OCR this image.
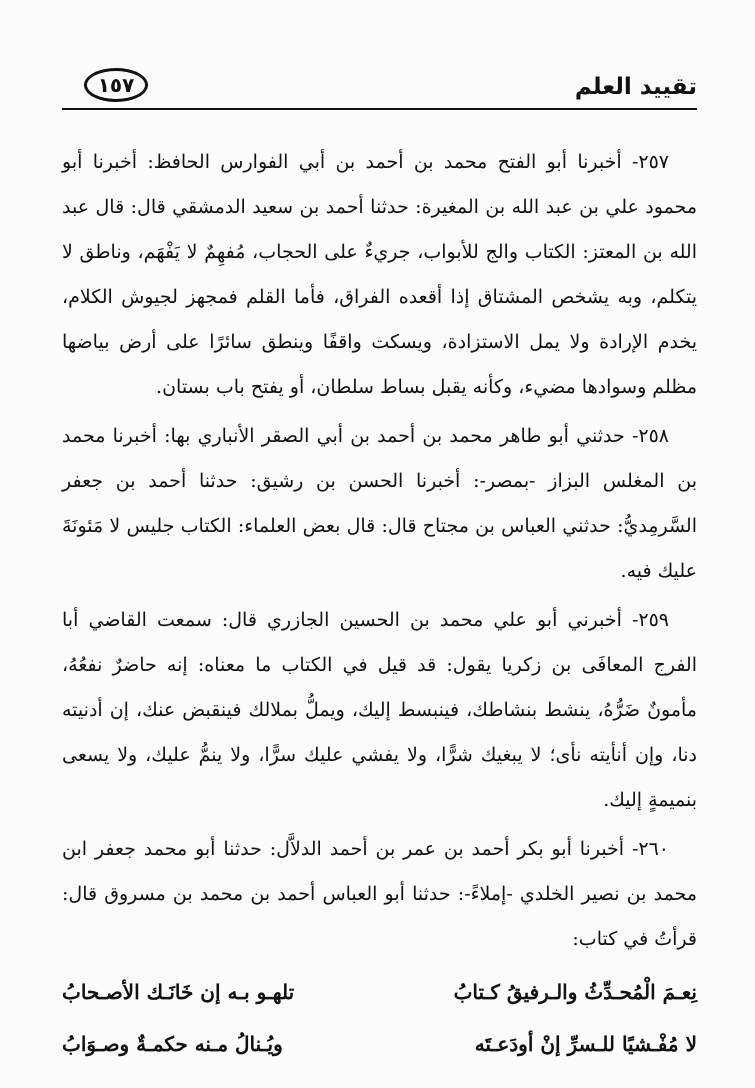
تقييد العلم
١٥٧

٢٥٧- أخبرنا أبو الفتح محمد بن أحمد بن أبي الفوارس الحافظ: أخبرنا أبو محمود علي بن عبد الله بن المغيرة: حدثنا أحمد بن سعيد الدمشقي قال: قال عبد الله بن المعتز: الكتاب والج للأبواب، جريءٌ على الحجاب، مُفهِمٌ لا يَفْهَم، وناطق لا يتكلم، وبه يشخص المشتاق إذا أقعده الفراق، فأما القلم فمجهز لجيوش الكلام، يخدم الإرادة ولا يمل الاستزادة، ويسكت واقفًا وينطق سائرًا على أرض بياضها مظلم وسوادها مضيء، وكأنه يقبل بساط سلطان، أو يفتح باب بستان.

٢٥٨- حدثني أبو طاهر محمد بن أحمد بن أبي الصقر الأنباري بها: أخبرنا محمد بن المغلس البزاز -بمصر-: أخبرنا الحسن بن رشيق: حدثنا أحمد بن جعفر السَّرمِديُّ: حدثني العباس بن مجتاح قال: قال بعض العلماء: الكتاب جليس لا مَئونَةَ عليك فيه.

٢٥٩- أخبرني أبو علي محمد بن الحسين الجازري قال: سمعت القاضي أبا الفرج المعافَى بن زكريا يقول: قد قيل في الكتاب ما معناه: إنه حاضرٌ نفعُهُ، مأمونٌ ضَرُّهُ، ينشط بنشاطك، فينبسط إليك، ويملُّ بملالك فينقبض عنك، إن أدنيته دنا، وإن أنأيته نأى؛ لا يبغيك شرًّا، ولا يفشي عليك سرًّا، ولا ينمُّ عليك، ولا يسعى بنميمةٍ إليك.

٢٦٠- أخبرنا أبو بكر أحمد بن عمر بن أحمد الدلاَّل: حدثنا أبو محمد جعفر ابن محمد بن نصير الخلدي -إملاءً-: حدثنا أبو العباس أحمد بن محمد بن مسروق قال: قرأتُ في كتاب:

نِعـمَ الْمُحـدِّثُ والـرفيقُ كـتابُ
تلهـو بـه إن خَانَـك الأصـحابُ
لا مُفْـشيًا للـسرِّ إنْ أودَعـتَه
ويُـنالُ مـنه حكمـةٌ وصـوَابُ
